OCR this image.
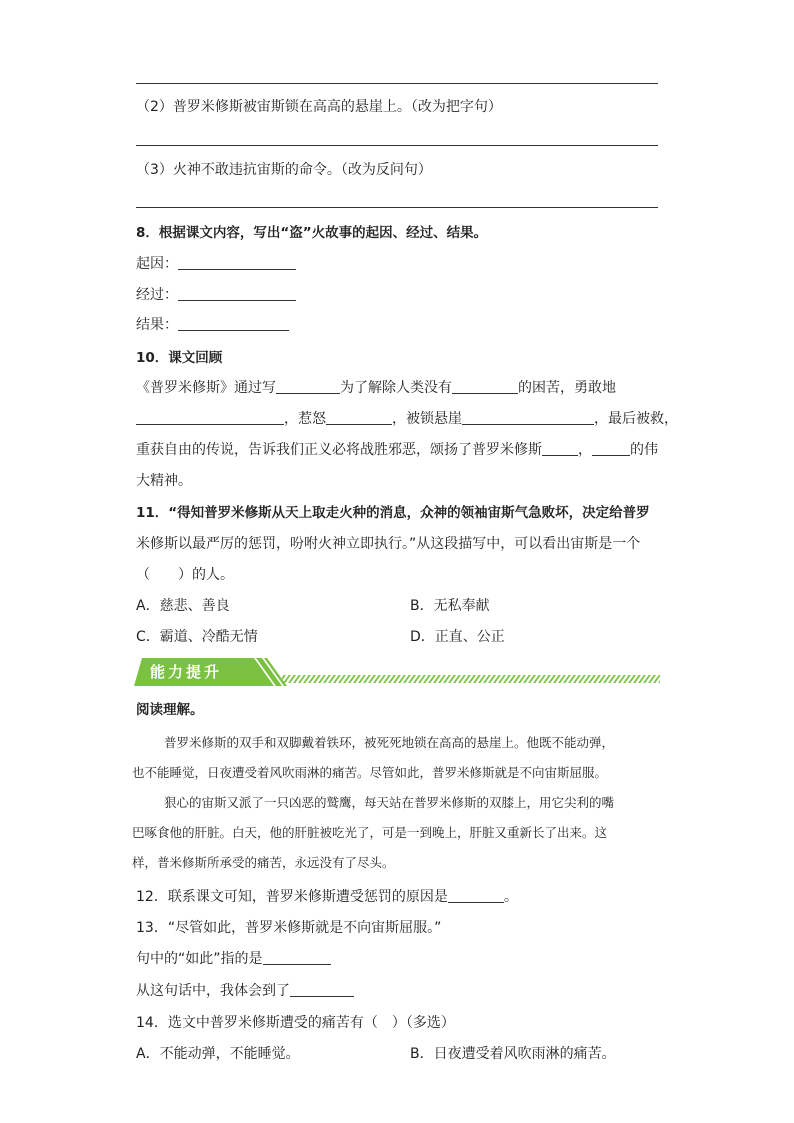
（2）普罗米修斯被宙斯锁在高高的悬崖上。（改为把字句）
（3）火神不敢违抗宙斯的命令。（改为反问句）
8．根据课文内容，写出“盗”火故事的起因、经过、结果。
起因：
经过：
结果：
10．课文回顾
《普罗米修斯》通过写	为了解除人类没有	的困苦，勇敢地
，惹怒	，被锁悬崖	，最后被救，
重获自由的传说，告诉我们正义必将战胜邪恶，颂扬了普罗米修斯	，	的伟
大精神。
11．“得知普罗米修斯从天上取走火种的消息，众神的领袖宙斯气急败坏，决定给普罗
米修斯以最严厉的惩罚，吩咐火神立即执行。”从这段描写中，可以看出宙斯是一个
（　　）的人。
A．慈悲、善良	B．无私奉献
C．霸道、冷酷无情	D．正直、公正
能力提升
阅读理解。
普罗米修斯的双手和双脚戴着铁环，被死死地锁在高高的悬崖上。他既不能动弹，
也不能睡觉，日夜遭受着风吹雨淋的痛苦。尽管如此，普罗米修斯就是不向宙斯屈服。
狠心的宙斯又派了一只凶恶的鹫鹰，每天站在普罗米修斯的双膝上，用它尖利的嘴
巴啄食他的肝脏。白天，他的肝脏被吃光了，可是一到晚上，肝脏又重新长了出来。这
样，普米修斯所承受的痛苦，永远没有了尽头。
12．联系课文可知，普罗米修斯遭受惩罚的原因是	。
13．“尽管如此，普罗米修斯就是不向宙斯屈服。”
句中的“如此”指的是
从这句话中，我体会到了
14．选文中普罗米修斯遭受的痛苦有（　）（多选）
A．不能动弹，不能睡觉。	B．日夜遭受着风吹雨淋的痛苦。
